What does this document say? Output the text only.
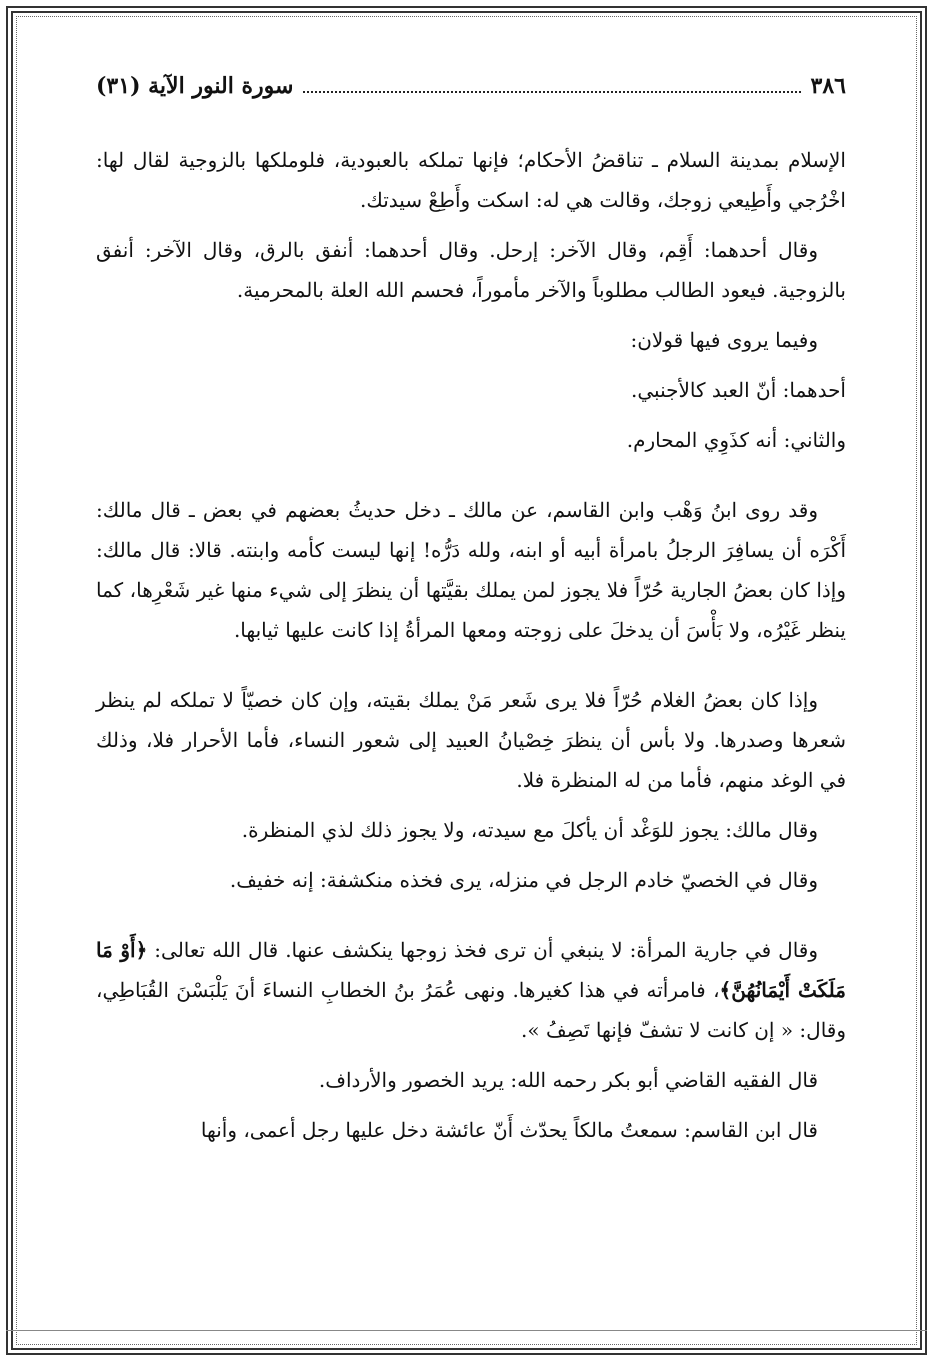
٣٨٦
سورة النور الآية (٣١)

الإسلام بمدينة السلام ـ تناقضُ الأحكام؛ فإنها تملكه بالعبودية، فلوملكها بالزوجية لقال لها: اخْرُجي وأَطِيعي زوجك، وقالت هي له: اسكت وأَطِعْ سيدتك.

وقال أحدهما: أَقِم، وقال الآخر: إرحل. وقال أحدهما: أنفق بالرق، وقال الآخر: أنفق بالزوجية. فيعود الطالب مطلوباً والآخر مأموراً، فحسم الله العلة بالمحرمية.

وفيما يروى فيها قولان:

أحدهما: أنّ العبد كالأجنبي.

والثاني: أنه كذَوِي المحارم.

وقد روى ابنُ وَهْب وابن القاسم، عن مالك ـ دخل حديثُ بعضهم في بعض ـ قال مالك: أَكْرَه أن يسافِرَ الرجلُ بامرأة أبيه أو ابنه، ولله دَرُّه! إنها ليست كأمه وابنته. قالا: قال مالك: وإذا كان بعضُ الجارية حُرّاً فلا يجوز لمن يملك بقيَّتها أن ينظرَ إلى شيء منها غير شَعْرِها، كما ينظر غَيْرُه، ولا بَأْسَ أن يدخلَ على زوجته ومعها المرأةُ إذا كانت عليها ثيابها.

وإذا كان بعضُ الغلام حُرّاً فلا يرى شَعر مَنْ يملك بقيته، وإن كان خصيّاً لا تملكه لم ينظر شعرها وصدرها. ولا بأس أن ينظرَ خِصْيانُ العبيد إلى شعور النساء، فأما الأحرار فلا، وذلك في الوغد منهم، فأما من له المنظرة فلا.

وقال مالك: يجوز للوَغْد أن يأكلَ مع سيدته، ولا يجوز ذلك لذي المنظرة.

وقال في الخصيّ خادم الرجل في منزله، يرى فخذه منكشفة: إنه خفيف.

وقال في جارية المرأة: لا ينبغي أن ترى فخذ زوجها ينكشف عنها. قال الله تعالى: ﴿أَوْ مَا مَلَكَتْ أَيْمَانُهُنَّ﴾، فامرأته في هذا كغيرها. ونهى عُمَرُ بنُ الخطابِ النساءَ أنَ يَلْبَسْنَ القُبَاطِي، وقال: « إن كانت لا تشفّ فإنها تَصِفُ ».

قال الفقيه القاضي أبو بكر رحمه الله: يريد الخصور والأرداف.

قال ابن القاسم: سمعتُ مالكاً يحدّث أَنّ عائشة دخل عليها رجل أعمى، وأنها
